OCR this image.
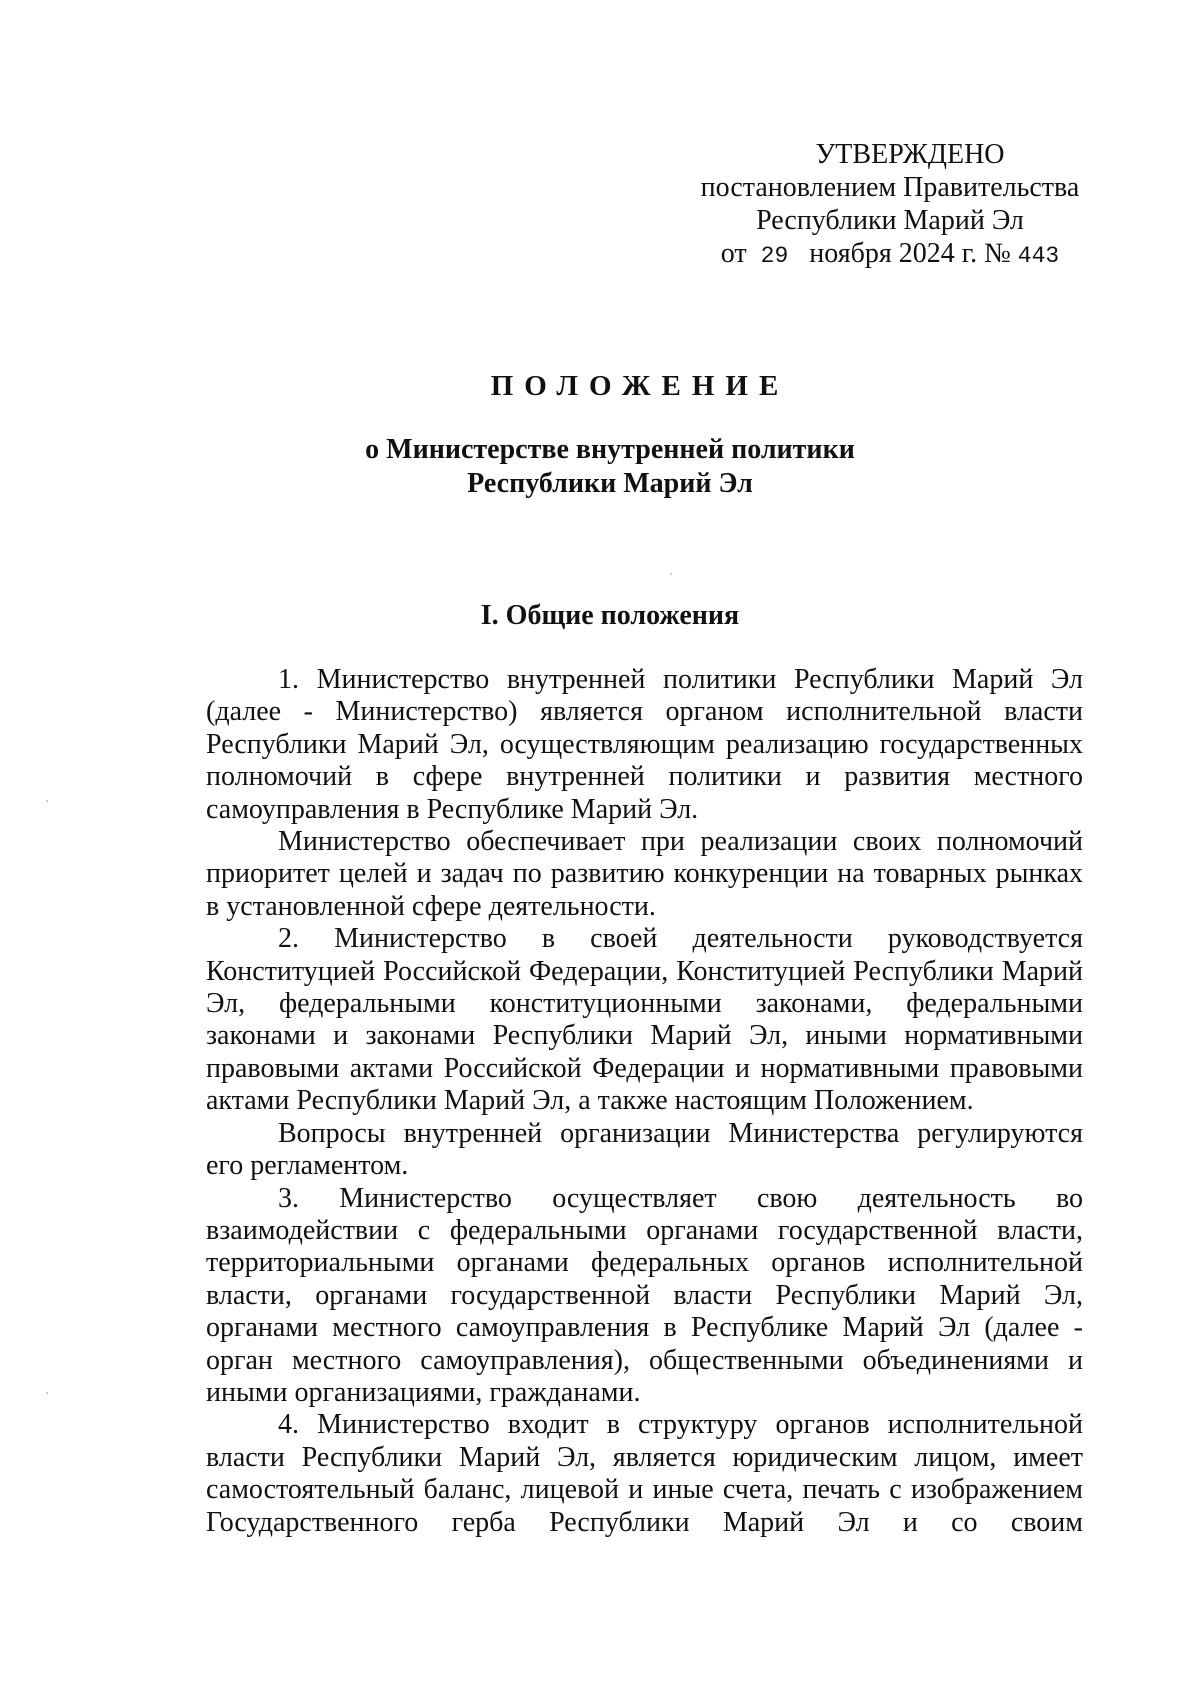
УТВЕРЖДЕНО
постановлением Правительства
Республики Марий Эл
от 29 ноября 2024 г. № 443
ПОЛОЖЕНИЕ
о Министерстве внутренней политики
Республики Марий Эл
I. Общие положения

1. Министерство внутренней политики Республики Марий Эл (далее - Министерство) является органом исполнительной власти Республики Марий Эл, осуществляющим реализацию государственных полномочий в сфере внутренней политики и развития местного самоуправления в Республике Марий Эл.

Министерство обеспечивает при реализации своих полномочий приоритет целей и задач по развитию конкуренции на товарных рынках в установленной сфере деятельности.

2. Министерство в своей деятельности руководствуется Конституцией Российской Федерации, Конституцией Республики Марий Эл, федеральными конституционными законами, федеральными законами и законами Республики Марий Эл, иными нормативными правовыми актами Российской Федерации и нормативными правовыми актами Республики Марий Эл, а также настоящим Положением.

Вопросы внутренней организации Министерства регулируются его регламентом.

3. Министерство осуществляет свою деятельность во взаимодействии с федеральными органами государственной власти, территориальными органами федеральных органов исполнительной власти, органами государственной власти Республики Марий Эл, органами местного самоуправления в Республике Марий Эл (далее - орган местного самоуправления), общественными объединениями и иными организациями, гражданами.

4. Министерство входит в структуру органов исполнительной власти Республики Марий Эл, является юридическим лицом, имеет самостоятельный баланс, лицевой и иные счета, печать с изображением Государственного герба Республики Марий Эл и со своим
